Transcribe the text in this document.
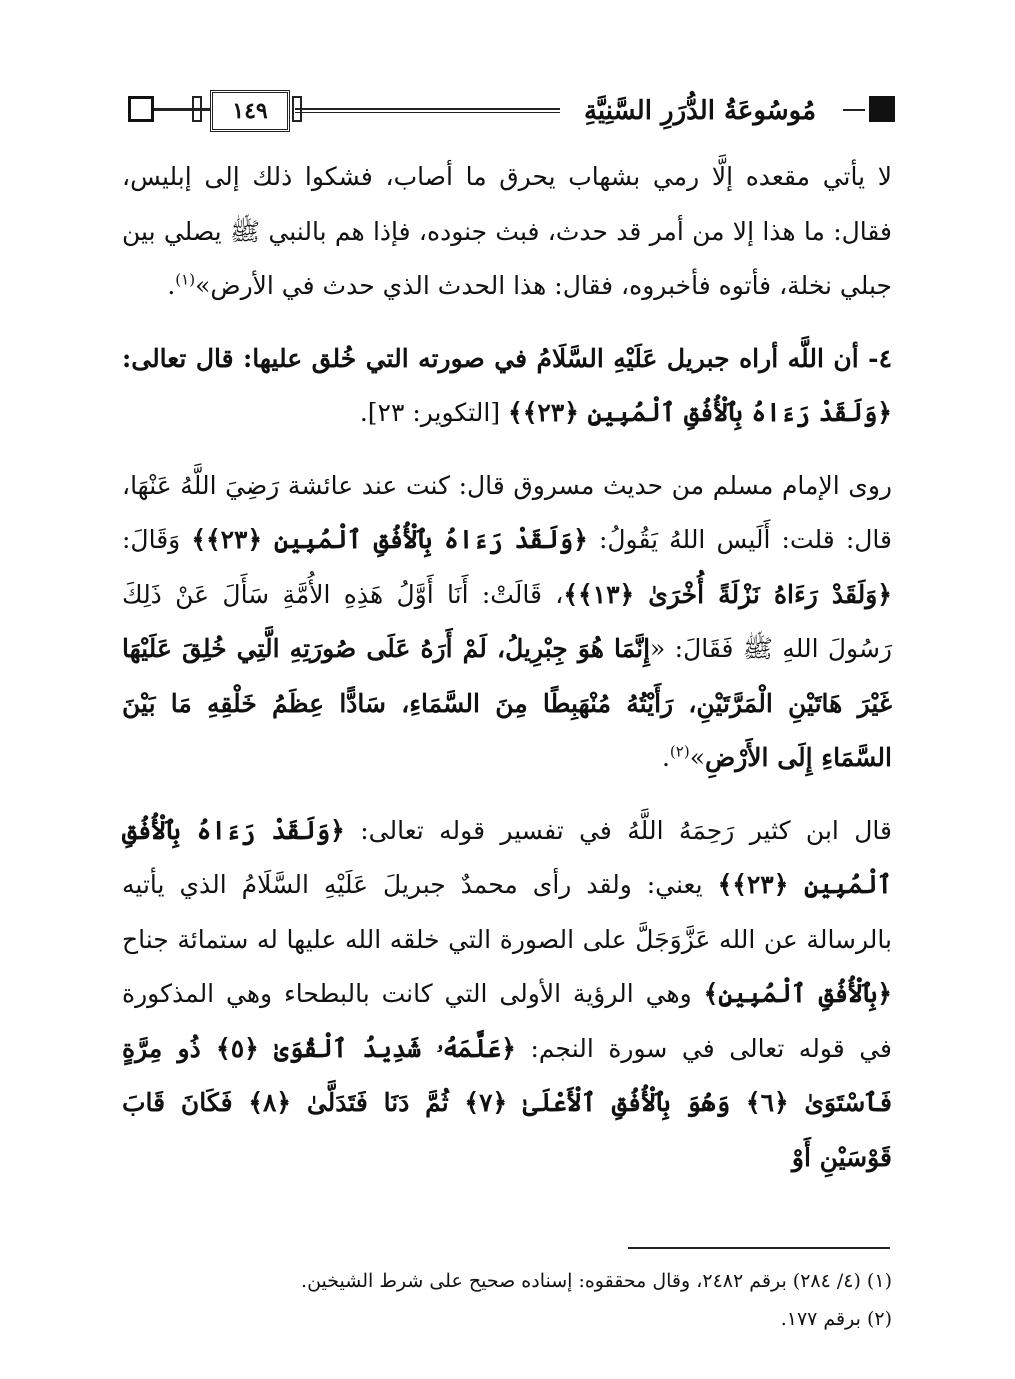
١٤٩	مُوسُوعَةُ الدُّرَرِ السَّنِيَّةِ

لا يأتي مقعده إلَّا رمي بشهاب يحرق ما أصاب، فشكوا ذلك إلى إبليس، فقال: ما هذا إلا من أمر قد حدث، فبث جنوده، فإذا هم بالنبي ﷺ يصلي بين جبلي نخلة، فأتوه فأخبروه، فقال: هذا الحدث الذي حدث في الأرض»$^{(١)}$.

٤- أن اللَّه أراه جبريل عَلَيْهِ السَّلَامُ في صورته التي خُلق عليها: قال تعالى: ﴿وَلَقَدْ رَءَاهُ بِٱلْأُفُقِ ٱلْمُبِينِ ﴿٢٣﴾﴾ [التكوير: ٢٣].

روى الإمام مسلم من حديث مسروق قال: كنت عند عائشة رَضِيَ اللَّهُ عَنْهَا، قال: قلت: أَلَيس اللهُ يَقُولُ: ﴿وَلَقَدْ رَءَاهُ بِٱلْأُفُقِ ٱلْمُبِينِ ﴿٢٣﴾﴾ وَقَالَ: ﴿وَلَقَدْ رَءَاهُ نَزْلَةً أُخْرَىٰ ﴿١٣﴾﴾، قَالَتْ: أَنَا أَوَّلُ هَذِهِ الأُمَّةِ سَأَلَ عَنْ ذَلِكَ رَسُولَ اللهِ ﷺ فَقَالَ: «إِنَّمَا هُوَ جِبْرِيلُ، لَمْ أَرَهُ عَلَى صُورَتِهِ الَّتِي خُلِقَ عَلَيْهَا غَيْرَ هَاتَيْنِ الْمَرَّتَيْنِ، رَأَيْتُهُ مُنْهَبِطًا مِنَ السَّمَاءِ، سَادًّا عِظَمُ خَلْقِهِ مَا بَيْنَ السَّمَاءِ إِلَى الأَرْضِ»$^{(٢)}$.

قال ابن كثير رَحِمَهُ اللَّهُ في تفسير قوله تعالى: ﴿وَلَقَدْ رَءَاهُ بِٱلْأُفُقِ ٱلْمُبِينِ ﴿٢٣﴾﴾ يعني: ولقد رأى محمدٌ جبريلَ عَلَيْهِ السَّلَامُ الذي يأتيه بالرسالة عن الله عَزَّوَجَلَّ على الصورة التي خلقه الله عليها له ستمائة جناح ﴿بِٱلْأُفُقِ ٱلْمُبِينِ﴾ وهي الرؤية الأولى التي كانت بالبطحاء وهي المذكورة في قوله تعالى في سورة النجم: ﴿عَلَّمَهُۥ شَدِيدُ ٱلْقُوَىٰ ﴿٥﴾ ذُو مِرَّةٍ فَٱسْتَوَىٰ ﴿٦﴾ وَهُوَ بِٱلْأُفُقِ ٱلْأَعْلَىٰ ﴿٧﴾ ثُمَّ دَنَا فَتَدَلَّىٰ ﴿٨﴾ فَكَانَ قَابَ قَوْسَيْنِ أَوْ

(١) (٤/ ٢٨٤) برقم ٢٤٨٢، وقال محققوه: إسناده صحيح على شرط الشيخين.
(٢) برقم ١٧٧.
